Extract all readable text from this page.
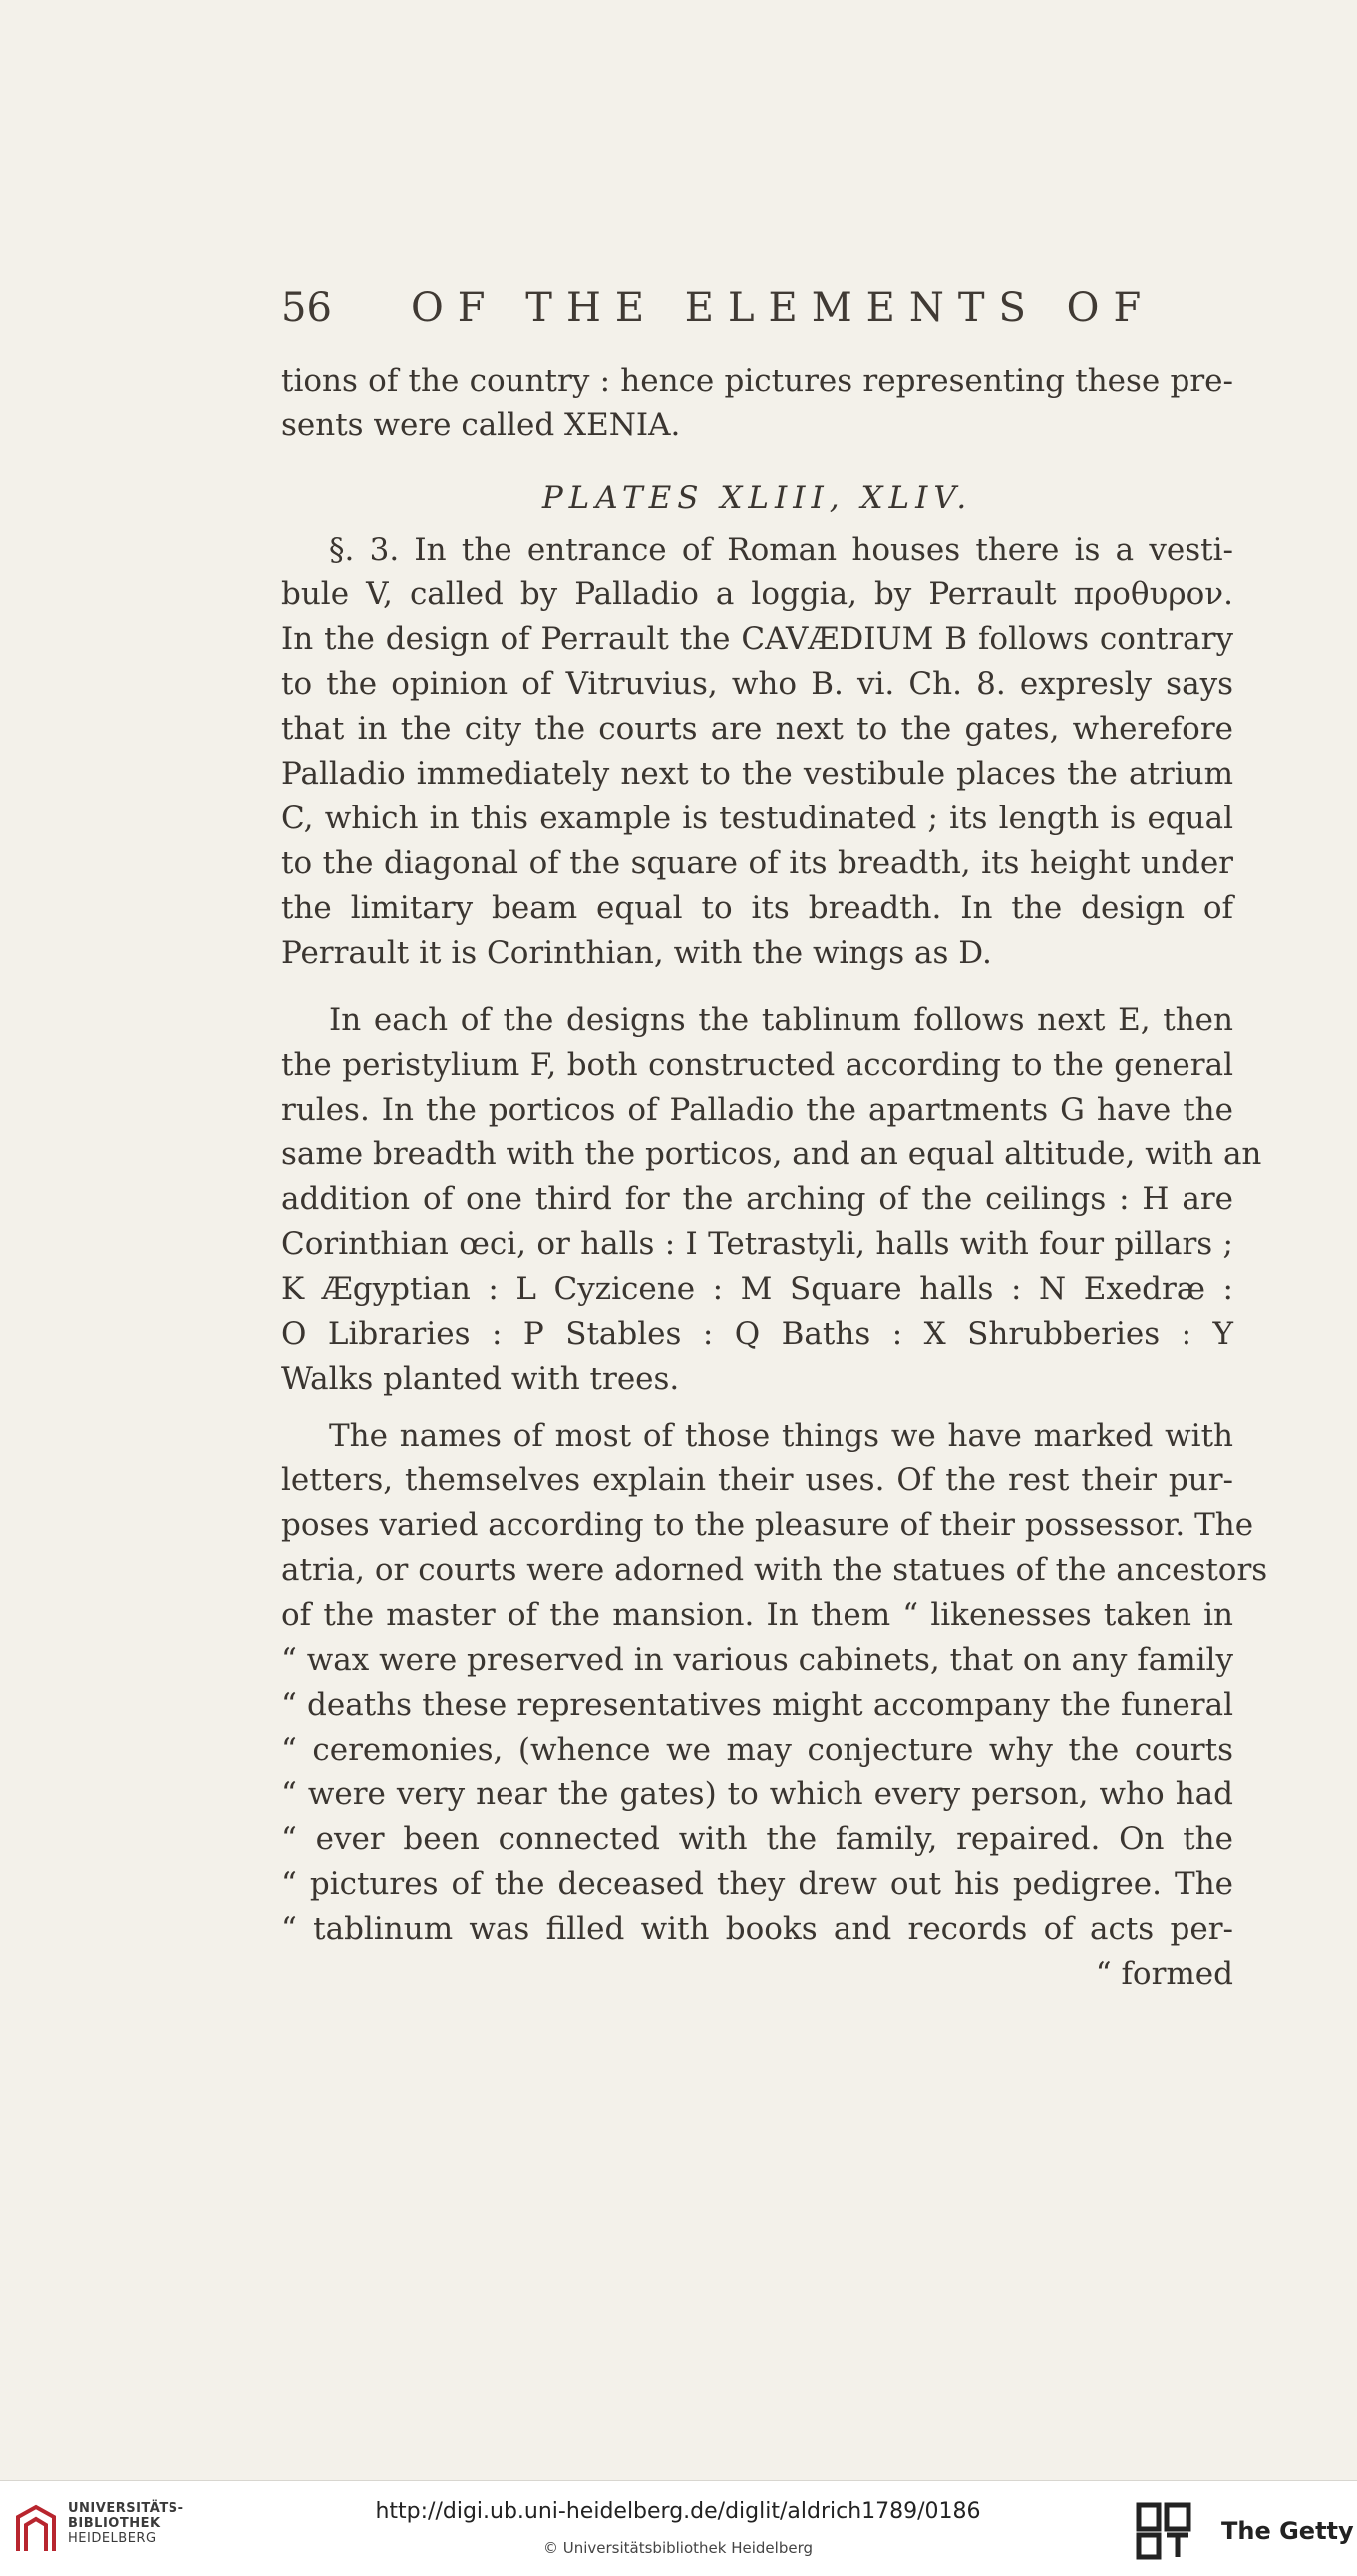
56 OF THE ELEMENTS OF
tions of the country : hence pictures representing these pre-
sents were called XENIA.
PLATES XLIII, XLIV.
§. 3. In the entrance of Roman houses there is a vesti-
bule V, called by Palladio a loggia, by Perrault προθυρον.
In the design of Perrault the CAVÆDIUM B follows contrary
to the opinion of Vitruvius, who B. vi. Ch. 8. expresly says
that in the city the courts are next to the gates, wherefore
Palladio immediately next to the vestibule places the atrium
C, which in this example is testudinated ; its length is equal
to the diagonal of the square of its breadth, its height under
the limitary beam equal to its breadth. In the design of
Perrault it is Corinthian, with the wings as D.
In each of the designs the tablinum follows next E, then
the peristylium F, both constructed according to the general
rules. In the porticos of Palladio the apartments G have the
same breadth with the porticos, and an equal altitude, with an
addition of one third for the arching of the ceilings : H are
Corinthian œci, or halls : I Tetrastyli, halls with four pillars ;
K Ægyptian : L Cyzicene : M Square halls : N Exedræ :
O Libraries : P Stables : Q Baths : X Shrubberies : Y
Walks planted with trees.
The names of most of those things we have marked with
letters, themselves explain their uses. Of the rest their pur-
poses varied according to the pleasure of their possessor. The
atria, or courts were adorned with the statues of the ancestors
of the master of the mansion. In them “ likenesses taken in
“ wax were preserved in various cabinets, that on any family
“ deaths these representatives might accompany the funeral
“ ceremonies, (whence we may conjecture why the courts
“ were very near the gates) to which every person, who had
“ ever been connected with the family, repaired. On the
“ pictures of the deceased they drew out his pedigree. The
“ tablinum was filled with books and records of acts per-
“ formed
UNIVERSITÄTS-
BIBLIOTHEK
HEIDELBERG
http://digi.ub.uni-heidelberg.de/diglit/aldrich1789/0186
© Universitätsbibliothek Heidelberg
The Getty
